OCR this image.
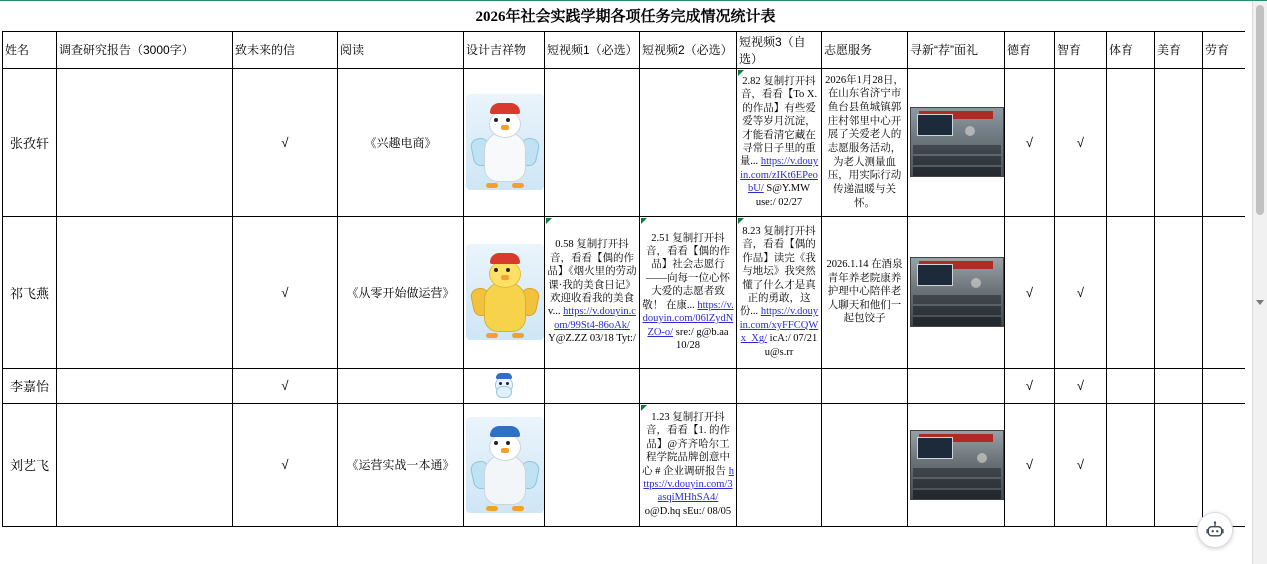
2026年社会实践学期各项任务完成情况统计表														
姓名	调查研究报告（3000字）	致未来的信	阅读	设计吉祥物	短视频1（必选）	短视频2（必选）	短视频3（自选）	志愿服务	寻新“荐”面礼	德育	智育	体育	美育	劳育
张孜轩		√	《兴趣电商》				2.82 复制打开抖音，看看【To X. 的作品】有些爱爱等岁月沉淀，才能看清它藏在寻常日子里的重量... https://v.douyin.com/zIKt6EPeobU/ S@Y.MW use:/ 02/27	2026年1月28日，在山东省济宁市鱼台县鱼城镇郭庄村邻里中心开展了关爱老人的志愿服务活动，为老人测量血压，用实际行动传递温暖与关怀。		√	√			
祁飞燕		√	《从零开始做运营》		0.58 复制打开抖音，看看【偶的作品】《烟火里的劳动课·我的美食日记》欢迎收看我的美食v... https://v.douyin.com/99St4-86oAk/ Y@Z.ZZ 03/18 Tyt:/	2.51 复制打开抖音，看看【偶的作品】社会志愿行——向每一位心怀大爱的志愿者致敬！ 在康... https://v.douyin.com/06lZydNZO-o/ sre:/ g@b.aa 10/28	8.23 复制打开抖音，看看【偶的作品】读完《我与地坛》我突然懂了什么才是真正的勇敢，这份... https://v.douyin.com/xyFFCQWx_Xg/ icA:/ 07/21 u@s.rr	2026.1.14 在酒泉青年养老院康养护理中心陪伴老人聊天和他们一起包饺子		√	√			
李嘉怡		√								√	√			
刘艺飞		√	《运营实战一本通》			1.23 复制打开抖音，看看【1. 的作品】@齐齐哈尔工程学院品牌创意中心 # 企业调研报告 https://v.douyin.com/3asqiMHhSA4/ o@D.hq sEu:/ 08/05				√	√			
